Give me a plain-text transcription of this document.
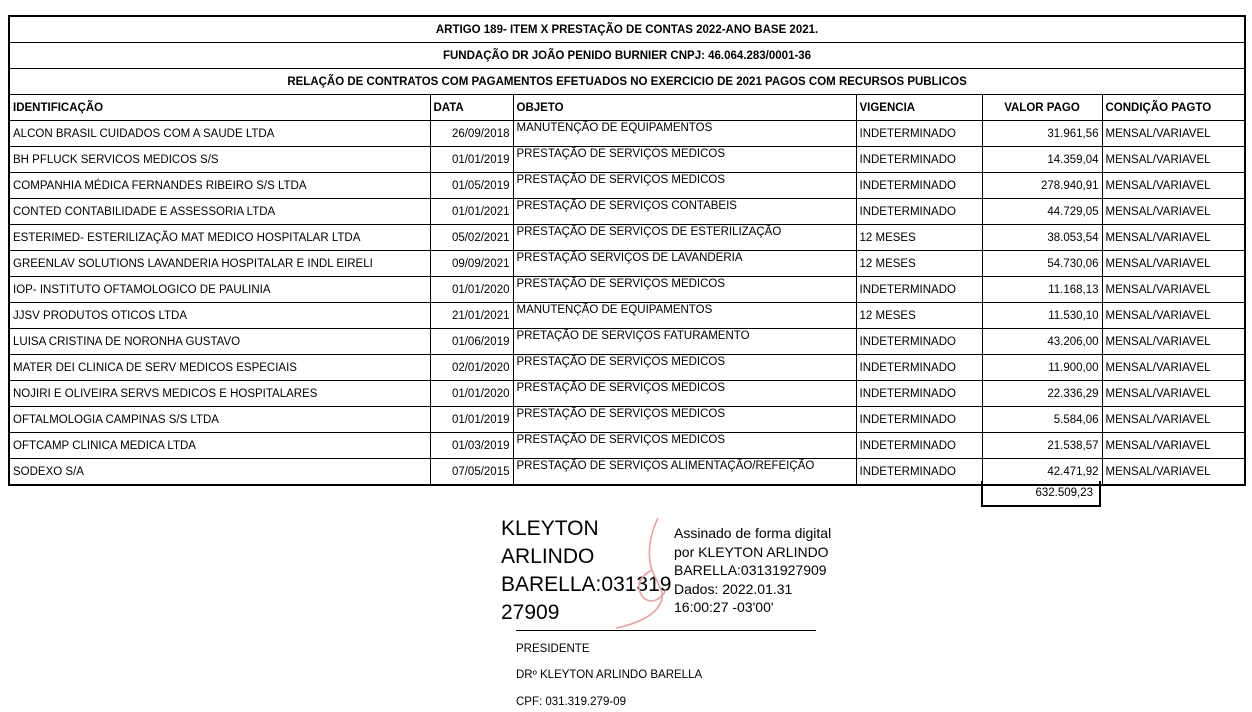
ARTIGO 189- ITEM X PRESTAÇÃO DE CONTAS 2022-ANO BASE 2021.					
FUNDAÇÃO DR JOÃO PENIDO BURNIER CNPJ: 46.064.283/0001-36					
RELAÇÃO DE CONTRATOS COM PAGAMENTOS EFETUADOS NO EXERCICIO DE 2021 PAGOS COM RECURSOS PUBLICOS					
IDENTIFICAÇÃO	DATA	OBJETO	VIGENCIA	VALOR PAGO	CONDIÇÃO PAGTO
ALCON BRASIL CUIDADOS COM A SAUDE LTDA	26/09/2018	MANUTENÇÃO DE EQUIPAMENTOS	INDETERMINADO	31.961,56	MENSAL/VARIAVEL
BH PFLUCK SERVICOS MEDICOS S/S	01/01/2019	PRESTAÇÃO DE SERVIÇOS MEDICOS	INDETERMINADO	14.359,04	MENSAL/VARIAVEL
COMPANHIA MÉDICA FERNANDES RIBEIRO S/S LTDA	01/05/2019	PRESTAÇÃO DE SERVIÇOS MEDICOS	INDETERMINADO	278.940,91	MENSAL/VARIAVEL
CONTED CONTABILIDADE E ASSESSORIA LTDA	01/01/2021	PRESTAÇÃO DE SERVIÇOS CONTABEIS	INDETERMINADO	44.729,05	MENSAL/VARIAVEL
ESTERIMED- ESTERILIZAÇÃO MAT MEDICO HOSPITALAR LTDA	05/02/2021	PRESTAÇÃO DE SERVIÇOS DE ESTERILIZAÇÃO	12 MESES	38.053,54	MENSAL/VARIAVEL
GREENLAV SOLUTIONS LAVANDERIA HOSPITALAR E INDL EIRELI	09/09/2021	PRESTAÇÃO SERVIÇOS DE LAVANDERIA	12 MESES	54.730,06	MENSAL/VARIAVEL
IOP- INSTITUTO OFTAMOLOGICO DE PAULINIA	01/01/2020	PRESTAÇÃO DE SERVIÇOS MEDICOS	INDETERMINADO	11.168,13	MENSAL/VARIAVEL
JJSV PRODUTOS OTICOS LTDA	21/01/2021	MANUTENÇÃO DE EQUIPAMENTOS	12 MESES	11.530,10	MENSAL/VARIAVEL
LUISA CRISTINA DE NORONHA GUSTAVO	01/06/2019	PRETAÇÃO DE SERVIÇOS FATURAMENTO	INDETERMINADO	43.206,00	MENSAL/VARIAVEL
MATER DEI CLINICA DE SERV MEDICOS ESPECIAIS	02/01/2020	PRESTAÇÃO DE SERVIÇOS MEDICOS	INDETERMINADO	11.900,00	MENSAL/VARIAVEL
NOJIRI E OLIVEIRA SERVS MEDICOS E HOSPITALARES	01/01/2020	PRESTAÇÃO DE SERVIÇOS MEDICOS	INDETERMINADO	22.336,29	MENSAL/VARIAVEL
OFTALMOLOGIA CAMPINAS S/S LTDA	01/01/2019	PRESTAÇÃO DE SERVIÇOS MEDICOS	INDETERMINADO	5.584,06	MENSAL/VARIAVEL
OFTCAMP CLINICA MEDICA LTDA	01/03/2019	PRESTAÇÃO DE SERVIÇOS MEDICOS	INDETERMINADO	21.538,57	MENSAL/VARIAVEL
SODEXO S/A	07/05/2015	PRESTAÇÃO DE SERVIÇOS ALIMENTAÇÃO/REFEIÇÃO	INDETERMINADO	42.471,92	MENSAL/VARIAVEL
632.509,23
KLEYTON
ARLINDO
BARELLA:031319
27909
Assinado de forma digital
por KLEYTON ARLINDO
BARELLA:03131927909
Dados: 2022.01.31
16:00:27 -03'00'
PRESIDENTE
DRº KLEYTON ARLINDO BARELLA
CPF: 031.319.279-09
